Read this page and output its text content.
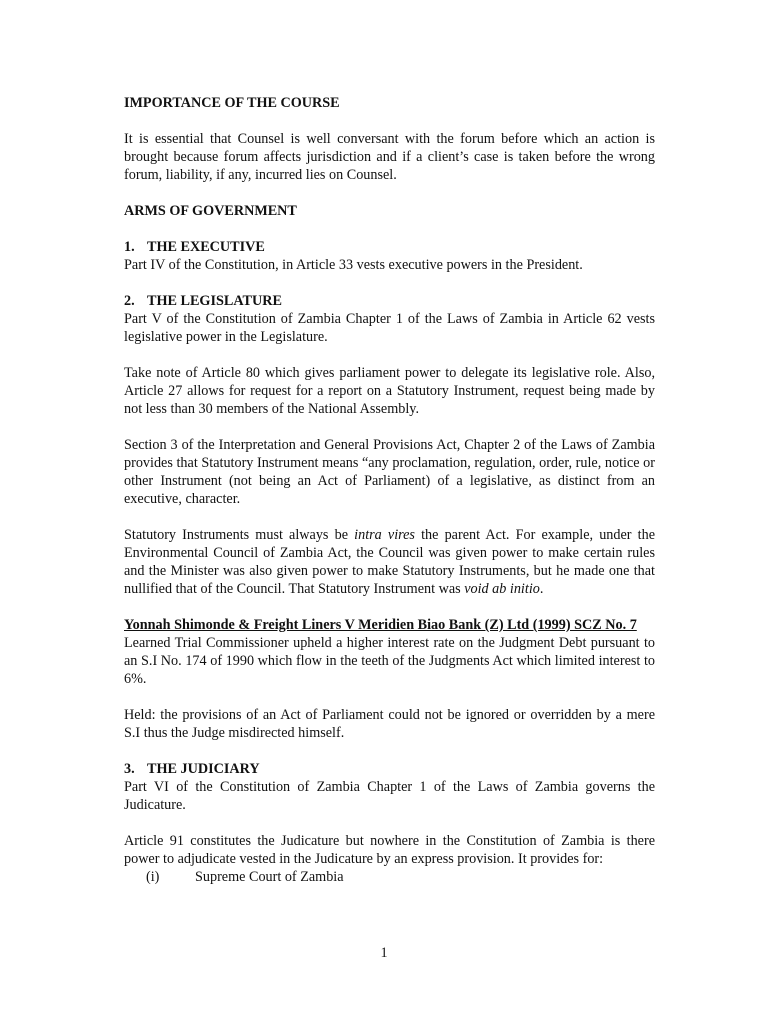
IMPORTANCE OF THE COURSE

It is essential that Counsel is well conversant with the forum before which an action is brought because forum affects jurisdiction and if a client’s case is taken before the wrong forum, liability, if any, incurred lies on Counsel.

ARMS OF GOVERNMENT

1. THE EXECUTIVE

Part IV of the Constitution, in Article 33 vests executive powers in the President.

2. THE LEGISLATURE

Part V of the Constitution of Zambia Chapter 1 of the Laws of Zambia in Article 62 vests legislative power in the Legislature.

Take note of Article 80 which gives parliament power to delegate its legislative role. Also, Article 27 allows for request for a report on a Statutory Instrument, request being made by not less than 30 members of the National Assembly.

Section 3 of the Interpretation and General Provisions Act, Chapter 2 of the Laws of Zambia provides that Statutory Instrument means “any proclamation, regulation, order, rule, notice or other Instrument (not being an Act of Parliament) of a legislative, as distinct from an executive, character.

Statutory Instruments must always be intra vires the parent Act. For example, under the Environmental Council of Zambia Act, the Council was given power to make certain rules and the Minister was also given power to make Statutory Instruments, but he made one that nullified that of the Council. That Statutory Instrument was void ab initio.

Yonnah Shimonde & Freight Liners V Meridien Biao Bank (Z) Ltd (1999) SCZ No. 7

Learned Trial Commissioner upheld a higher interest rate on the Judgment Debt pursuant to an S.I No. 174 of 1990 which flow in the teeth of the Judgments Act which limited interest to 6%.

Held: the provisions of an Act of Parliament could not be ignored or overridden by a mere S.I thus the Judge misdirected himself.

3. THE JUDICIARY

Part VI of the Constitution of Zambia Chapter 1 of the Laws of Zambia governs the Judicature.

Article 91 constitutes the Judicature but nowhere in the Constitution of Zambia is there power to adjudicate vested in the Judicature by an express provision. It provides for:

(i)	Supreme Court of Zambia

1
